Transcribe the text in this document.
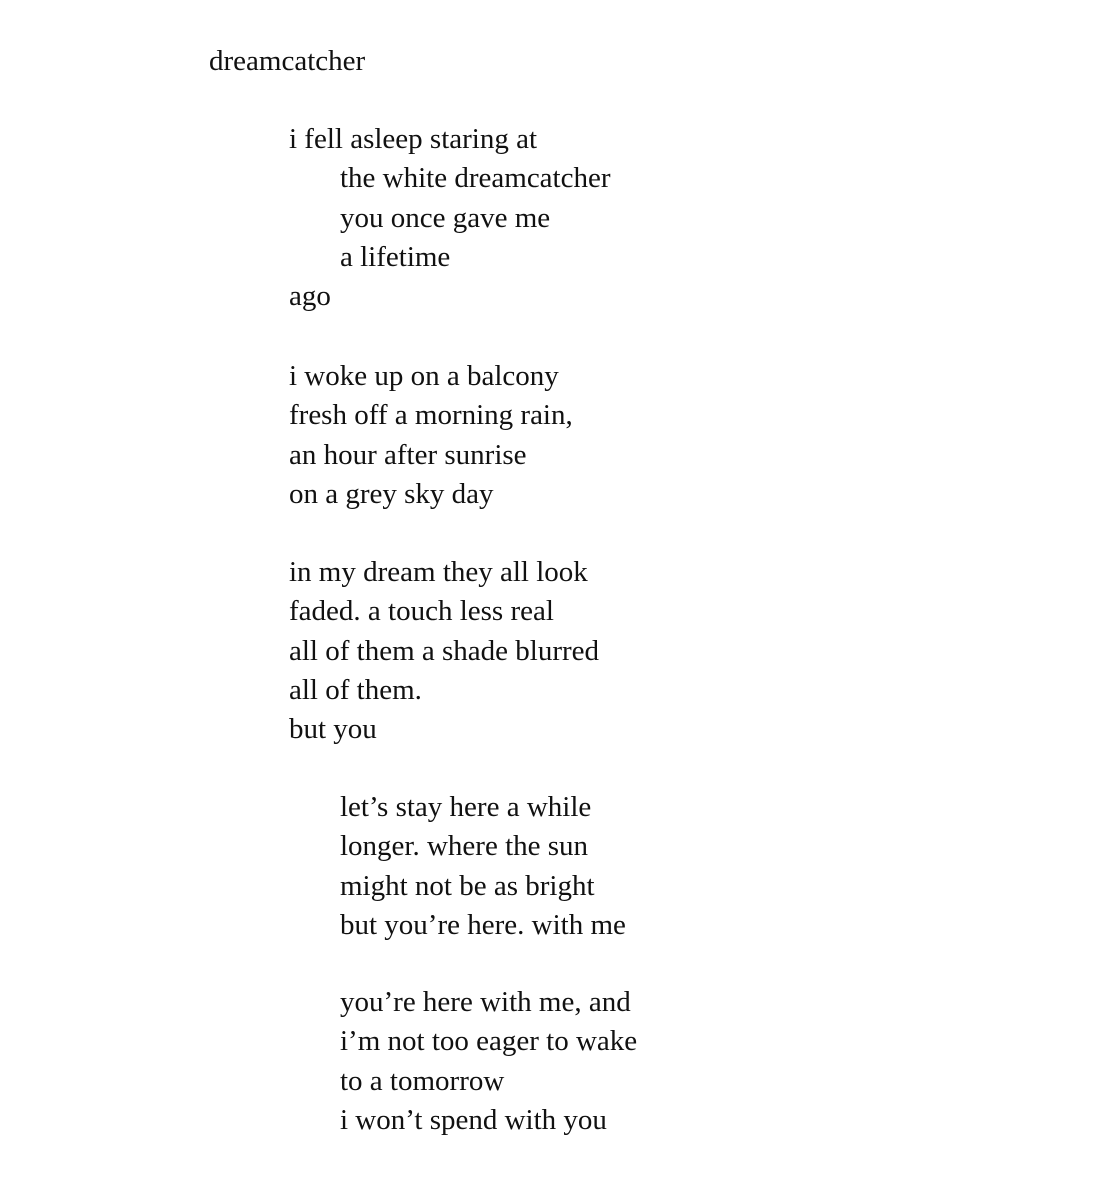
dreamcatcher
i fell asleep staring at
the white dreamcatcher
you once gave me
a lifetime
ago
i woke up on a balcony
fresh off a morning rain,
an hour after sunrise
on a grey sky day
in my dream they all look
faded. a touch less real
all of them a shade blurred
all of them.
but you
let’s stay here a while
longer. where the sun
might not be as bright
but you’re here. with me
you’re here with me, and
i’m not too eager to wake
to a tomorrow
i won’t spend with you
